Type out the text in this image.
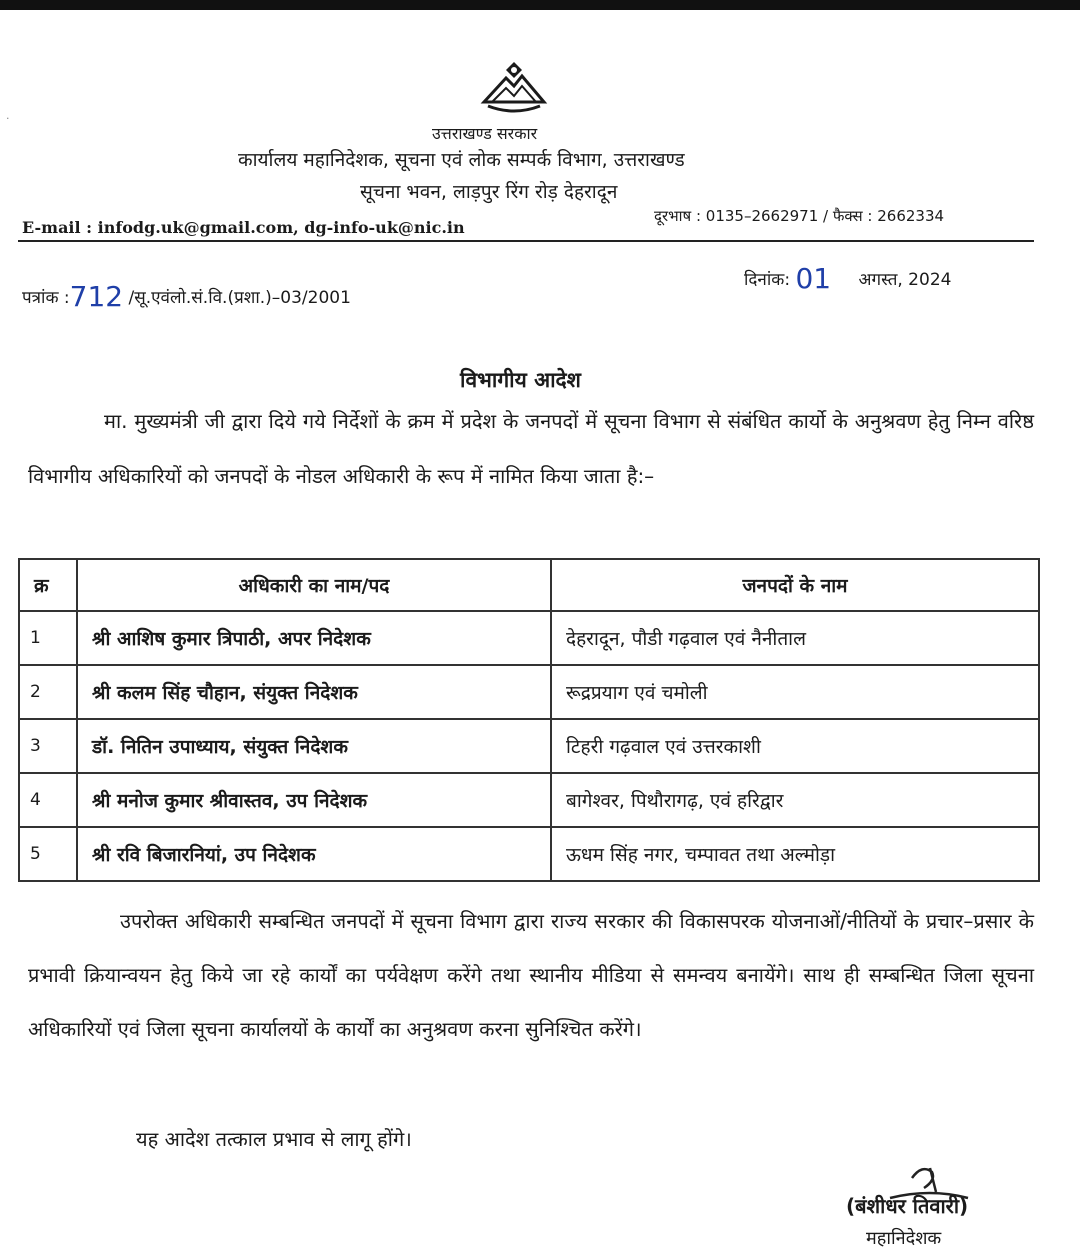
·
उत्तराखण्ड सरकार
कार्यालय महानिदेशक, सूचना एवं लोक सम्पर्क विभाग, उत्तराखण्ड
सूचना भवन, लाड़पुर रिंग रोड़ देहरादून
E-mail : infodg.uk@gmail.com, dg-info-uk@nic.in
दूरभाष : 0135–2662971 / फैक्स : 2662334
पत्रांक :712 /सू.एवंलो.सं.वि.(प्रशा.)–03/2001
दिनांक: 01 अगस्त, 2024
विभागीय आदेश
मा. मुख्यमंत्री जी द्वारा दिये गये निर्देशों के क्रम में प्रदेश के जनपदों में सूचना विभाग से संबंधित कार्यो के अनुश्रवण हेतु निम्न वरिष्ठ विभागीय अधिकारियों को जनपदों के नोडल अधिकारी के रूप में नामित किया जाता है:–
क्र	अधिकारी का नाम/पद	जनपदों के नाम
1	श्री आशिष कुमार त्रिपाठी, अपर निदेशक	देहरादून, पौडी गढ़वाल एवं नैनीताल
2	श्री कलम सिंह चौहान, संयुक्त निदेशक	रूद्रप्रयाग एवं चमोली
3	डॉ. नितिन उपाध्याय, संयुक्त निदेशक	टिहरी गढ़वाल एवं उत्तरकाशी
4	श्री मनोज कुमार श्रीवास्तव, उप निदेशक	बागेश्वर, पिथौरागढ़, एवं हरिद्वार
5	श्री रवि बिजारनियां, उप निदेशक	ऊधम सिंह नगर, चम्पावत तथा अल्मोड़ा
उपरोक्त अधिकारी सम्बन्धित जनपदों में सूचना विभाग द्वारा राज्य सरकार की विकासपरक योजनाओं/नीतियों के प्रचार–प्रसार के प्रभावी क्रियान्वयन हेतु किये जा रहे कार्यों का पर्यवेक्षण करेंगे तथा स्थानीय मीडिया से समन्वय बनायेंगे। साथ ही सम्बन्धित जिला सूचना अधिकारियों एवं जिला सूचना कार्यालयों के कार्यों का अनुश्रवण करना सुनिश्चित करेंगे।
यह आदेश तत्काल प्रभाव से लागू होंगे।
(बंशीधर तिवारी)
महानिदेशक
